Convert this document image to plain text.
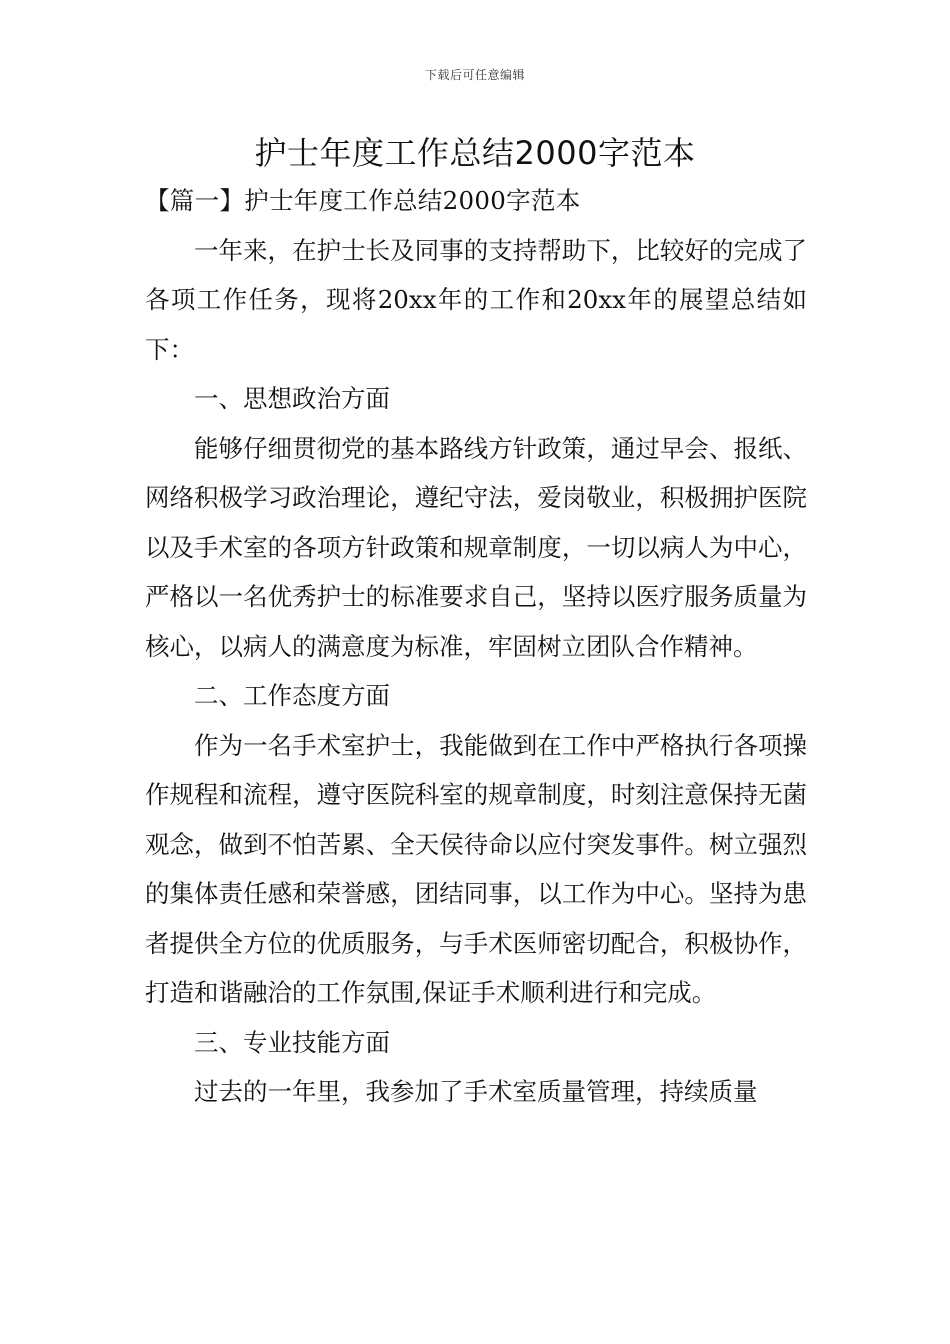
下载后可任意编辑
护士年度工作总结2000字范本

【篇一】护士年度工作总结2000字范本

一年来，在护士长及同事的支持帮助下，比较好的完成了各项工作任务，现将20xx年的工作和20xx年的展望总结如下：

一、思想政治方面

能够仔细贯彻党的基本路线方针政策，通过早会、报纸、网络积极学习政治理论，遵纪守法，爱岗敬业，积极拥护医院以及手术室的各项方针政策和规章制度，一切以病人为中心，严格以一名优秀护士的标准要求自己，坚持以医疗服务质量为核心，以病人的满意度为标准，牢固树立团队合作精神。

二、工作态度方面

作为一名手术室护士，我能做到在工作中严格执行各项操作规程和流程，遵守医院科室的规章制度，时刻注意保持无菌观念，做到不怕苦累、全天侯待命以应付突发事件。树立强烈的集体责任感和荣誉感，团结同事，以工作为中心。坚持为患者提供全方位的优质服务，与手术医师密切配合，积极协作，打造和谐融洽的工作氛围,保证手术顺利进行和完成。

三、专业技能方面

过去的一年里，我参加了手术室质量管理，持续质量
